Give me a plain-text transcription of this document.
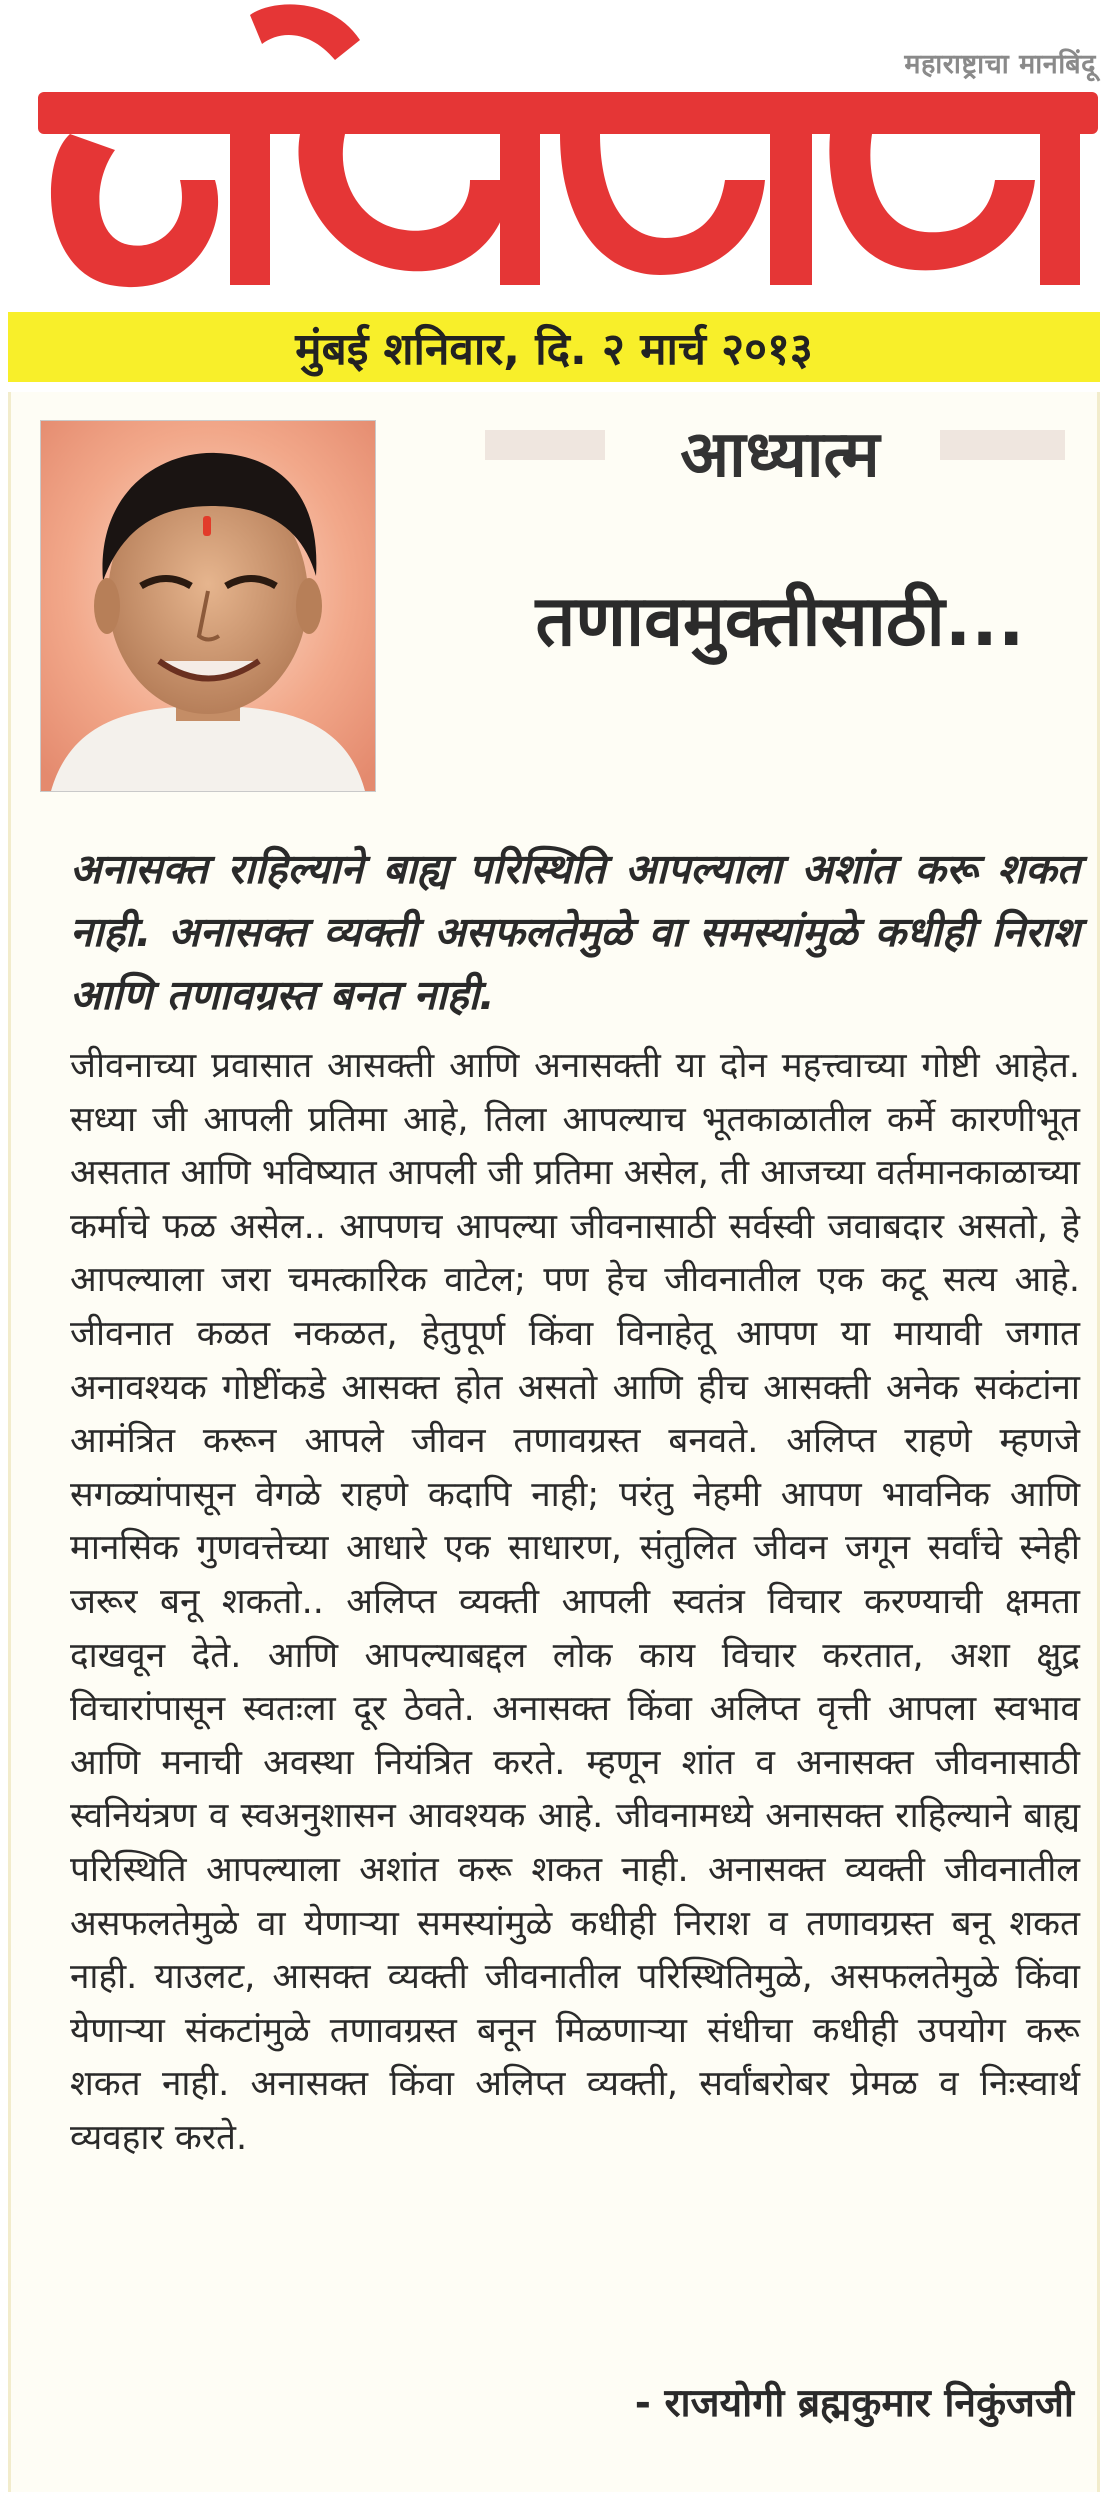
महाराष्ट्राचा मानबिंदू
मुंबई शनिवार, दि. २ मार्च २०१३
आध्यात्म
तणावमुक्तीसाठी...
अनासक्त राहिल्याने बाह्य परिस्थिति आपल्याला अशांत करू शकत नाही. अनासक्त व्यक्ती असफलतेमुळे वा समस्यांमुळे कधीही निराश आणि तणावग्रस्त बनत नाही.
जीवनाच्या प्रवासात आसक्ती आणि अनासक्ती या दोन महत्त्वाच्या गोष्टी आहेत. सध्या जी आपली प्रतिमा आहे, तिला आपल्याच भूतकाळातील कर्मे कारणीभूत असतात आणि भविष्यात आपली जी प्रतिमा असेल, ती आजच्या वर्तमानकाळाच्या कर्माचे फळ असेल.. आपणच आपल्या जीवनासाठी सर्वस्वी जवाबदार असतो, हे आपल्याला जरा चमत्कारिक वाटेल; पण हेच जीवनातील एक कटू सत्य आहे. जीवनात कळत नकळत, हेतुपूर्ण किंवा विनाहेतू आपण या मायावी जगात अनावश्यक गोष्टींकडे आसक्त होत असतो आणि हीच आसक्ती अनेक सकंटांना आमंत्रित करून आपले जीवन तणावग्रस्त बनवते. अलिप्त राहणे म्हणजे सगळ्यांपासून वेगळे राहणे कदापि नाही; परंतु नेहमी आपण भावनिक आणि मानसिक गुणवत्तेच्या आधारे एक साधारण, संतुलित जीवन जगून सर्वांचे स्नेही जरूर बनू शकतो.. अलिप्त व्यक्ती आपली स्वतंत्र विचार करण्याची क्षमता दाखवून देते. आणि आपल्याबद्दल लोक काय विचार करतात, अशा क्षुद्र विचारांपासून स्वतःला दूर ठेवते. अनासक्त किंवा अलिप्त वृत्ती आपला स्वभाव आणि मनाची अवस्था नियंत्रित करते. म्हणून शांत व अनासक्त जीवनासाठी स्वनियंत्रण व स्वअनुशासन आवश्यक आहे. जीवनामध्ये अनासक्त राहिल्याने बाह्य परिस्थिति आपल्याला अशांत करू शकत नाही. अनासक्त व्यक्ती जीवनातील असफलतेमुळे वा येणाऱ्या समस्यांमुळे कधीही निराश व तणावग्रस्त बनू शकत नाही. याउलट, आसक्त व्यक्ती जीवनातील परिस्थितिमुळे, असफलतेमुळे किंवा येणाऱ्या संकटांमुळे तणावग्रस्त बनून मिळणाऱ्या संधीचा कधीही उपयोग करू शकत नाही. अनासक्त किंवा अलिप्त व्यक्ती, सर्वांबरोबर प्रेमळ व निःस्वार्थ व्यवहार करते.
- राजयोगी ब्रह्मकुमार निकुंजजी
